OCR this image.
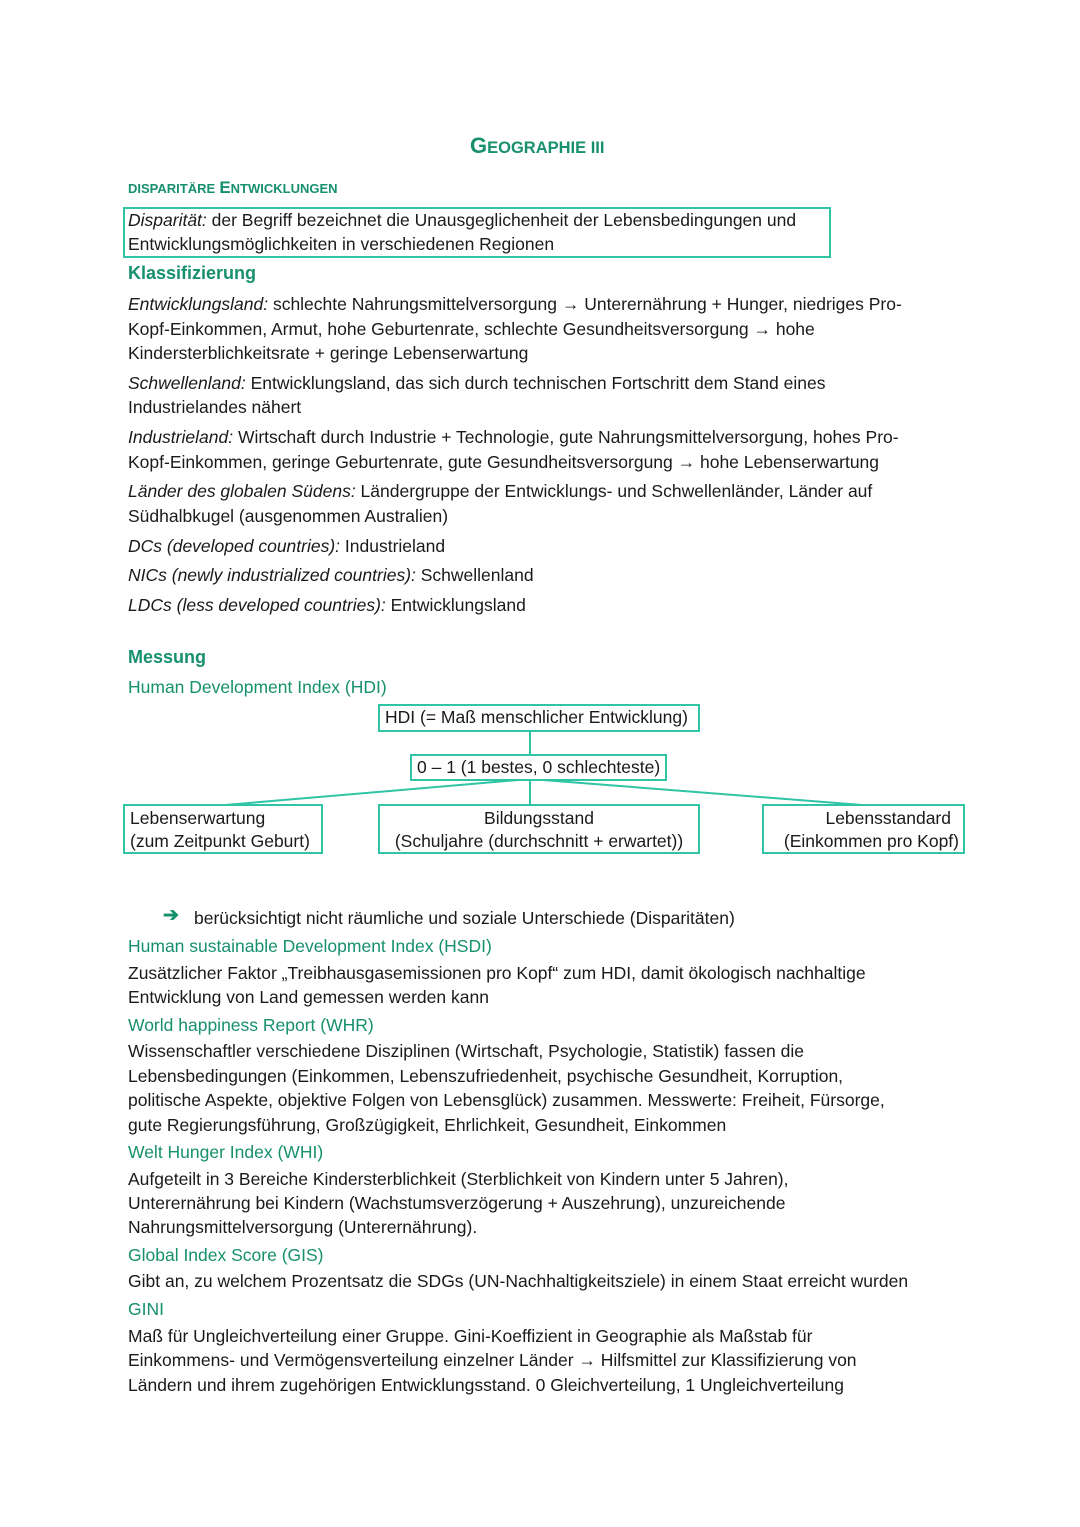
GEOGRAPHIE III
DISPARITÄRE ENTWICKLUNGEN
Disparität: der Begriff bezeichnet die Unausgeglichenheit der Lebensbedingungen und
Entwicklungsmöglichkeiten in verschiedenen Regionen
Klassifizierung
Entwicklungsland: schlechte Nahrungsmittelversorgung → Unterernährung + Hunger, niedriges Pro-
Kopf-Einkommen, Armut, hohe Geburtenrate, schlechte Gesundheitsversorgung → hohe
Kindersterblichkeitsrate + geringe Lebenserwartung
Schwellenland: Entwicklungsland, das sich durch technischen Fortschritt dem Stand eines
Industrielandes nähert
Industrieland: Wirtschaft durch Industrie + Technologie, gute Nahrungsmittelversorgung, hohes Pro-
Kopf-Einkommen, geringe Geburtenrate, gute Gesundheitsversorgung → hohe Lebenserwartung
Länder des globalen Südens: Ländergruppe der Entwicklungs- und Schwellenländer, Länder auf
Südhalbkugel (ausgenommen Australien)
DCs (developed countries): Industrieland
NICs (newly industrialized countries): Schwellenland
LDCs (less developed countries): Entwicklungsland
Messung
Human Development Index (HDI)
HDI (= Maß menschlicher Entwicklung)
0 – 1 (1 bestes, 0 schlechteste)
Lebenserwartung
(zum Zeitpunkt Geburt)
Bildungsstand
(Schuljahre (durchschnitt + erwartet))
Lebensstandard
(Einkommen pro Kopf)
➔ berücksichtigt nicht räumliche und soziale Unterschiede (Disparitäten)
Human sustainable Development Index (HSDI)
Zusätzlicher Faktor „Treibhausgasemissionen pro Kopf“ zum HDI, damit ökologisch nachhaltige
Entwicklung von Land gemessen werden kann
World happiness Report (WHR)
Wissenschaftler verschiedene Disziplinen (Wirtschaft, Psychologie, Statistik) fassen die
Lebensbedingungen (Einkommen, Lebenszufriedenheit, psychische Gesundheit, Korruption,
politische Aspekte, objektive Folgen von Lebensglück) zusammen. Messwerte: Freiheit, Fürsorge,
gute Regierungsführung, Großzügigkeit, Ehrlichkeit, Gesundheit, Einkommen
Welt Hunger Index (WHI)
Aufgeteilt in 3 Bereiche Kindersterblichkeit (Sterblichkeit von Kindern unter 5 Jahren),
Unterernährung bei Kindern (Wachstumsverzögerung + Auszehrung), unzureichende
Nahrungsmittelversorgung (Unterernährung).
Global Index Score (GIS)
Gibt an, zu welchem Prozentsatz die SDGs (UN-Nachhaltigkeitsziele) in einem Staat erreicht wurden
GINI
Maß für Ungleichverteilung einer Gruppe. Gini-Koeffizient in Geographie als Maßstab für
Einkommens- und Vermögensverteilung einzelner Länder → Hilfsmittel zur Klassifizierung von
Ländern und ihrem zugehörigen Entwicklungsstand. 0 Gleichverteilung, 1 Ungleichverteilung
